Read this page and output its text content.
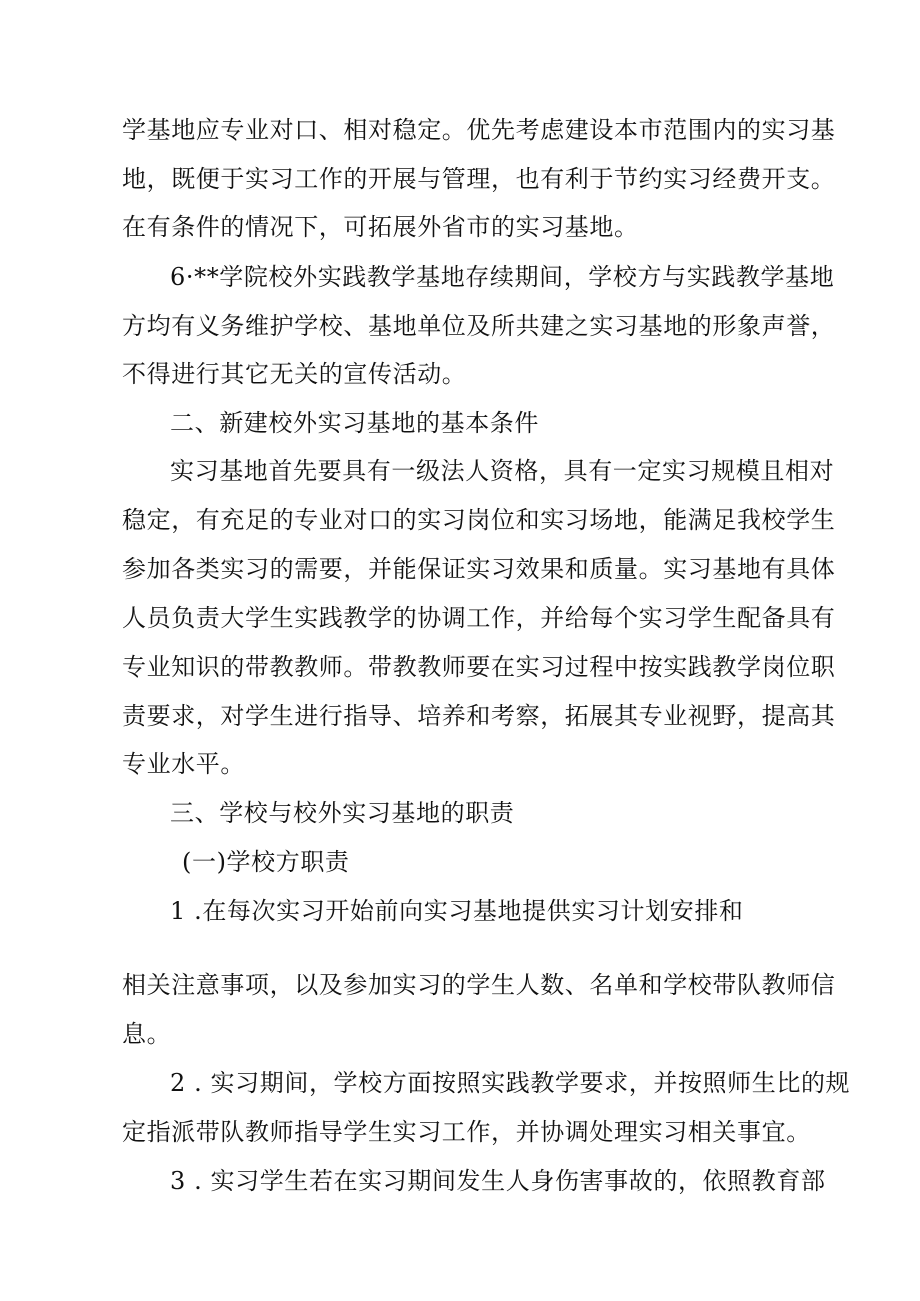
学基地应专业对口、相对稳定。优先考虑建设本市范围内的实习基
地，既便于实习工作的开展与管理，也有利于节约实习经费开支。
在有条件的情况下，可拓展外省市的实习基地。
6·**学院校外实践教学基地存续期间，学校方与实践教学基地
方均有义务维护学校、基地单位及所共建之实习基地的形象声誉，
不得进行其它无关的宣传活动。
二、新建校外实习基地的基本条件
实习基地首先要具有一级法人资格，具有一定实习规模且相对
稳定，有充足的专业对口的实习岗位和实习场地，能满足我校学生
参加各类实习的需要，并能保证实习效果和质量。实习基地有具体
人员负责大学生实践教学的协调工作，并给每个实习学生配备具有
专业知识的带教教师。带教教师要在实习过程中按实践教学岗位职
责要求，对学生进行指导、培养和考察，拓展其专业视野，提高其
专业水平。
三、学校与校外实习基地的职责
(一)学校方职责
1 .在每次实习开始前向实习基地提供实习计划安排和
相关注意事项，以及参加实习的学生人数、名单和学校带队教师信
息。
2 . 实习期间，学校方面按照实践教学要求，并按照师生比的规
定指派带队教师指导学生实习工作，并协调处理实习相关事宜。
3 . 实习学生若在实习期间发生人身伤害事故的，依照教育部
